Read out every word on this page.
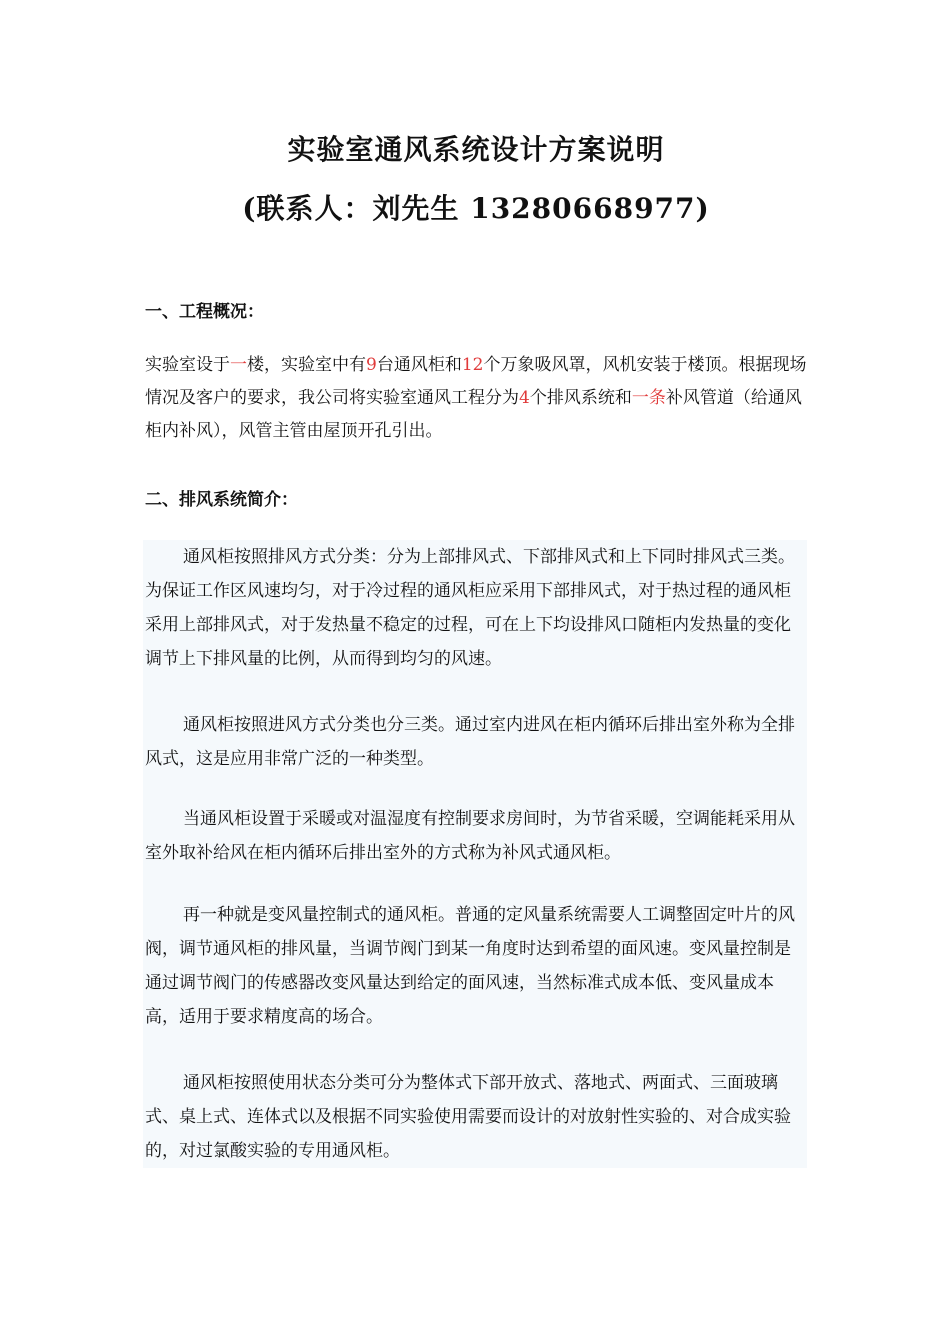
实验室通风系统设计方案说明
(联系人：刘先生 13280668977)
一、工程概况：

实验室设于一楼，实验室中有9台通风柜和12个万象吸风罩，风机安装于楼顶。根据现场情况及客户的要求，我公司将实验室通风工程分为4个排风系统和一条补风管道（给通风柜内补风），风管主管由屋顶开孔引出。

二、排风系统简介：

通风柜按照排风方式分类：分为上部排风式、下部排风式和上下同时排风式三类。为保证工作区风速均匀，对于冷过程的通风柜应采用下部排风式，对于热过程的通风柜采用上部排风式，对于发热量不稳定的过程，可在上下均设排风口随柜内发热量的变化调节上下排风量的比例，从而得到均匀的风速。

通风柜按照进风方式分类也分三类。通过室内进风在柜内循环后排出室外称为全排风式，这是应用非常广泛的一种类型。

当通风柜设置于采暖或对温湿度有控制要求房间时，为节省采暖，空调能耗采用从室外取补给风在柜内循环后排出室外的方式称为补风式通风柜。

再一种就是变风量控制式的通风柜。普通的定风量系统需要人工调整固定叶片的风阀，调节通风柜的排风量，当调节阀门到某一角度时达到希望的面风速。变风量控制是通过调节阀门的传感器改变风量达到给定的面风速，当然标准式成本低、变风量成本高，适用于要求精度高的场合。

通风柜按照使用状态分类可分为整体式下部开放式、落地式、两面式、三面玻璃式、桌上式、连体式以及根据不同实验使用需要而设计的对放射性实验的、对合成实验的，对过氯酸实验的专用通风柜。
